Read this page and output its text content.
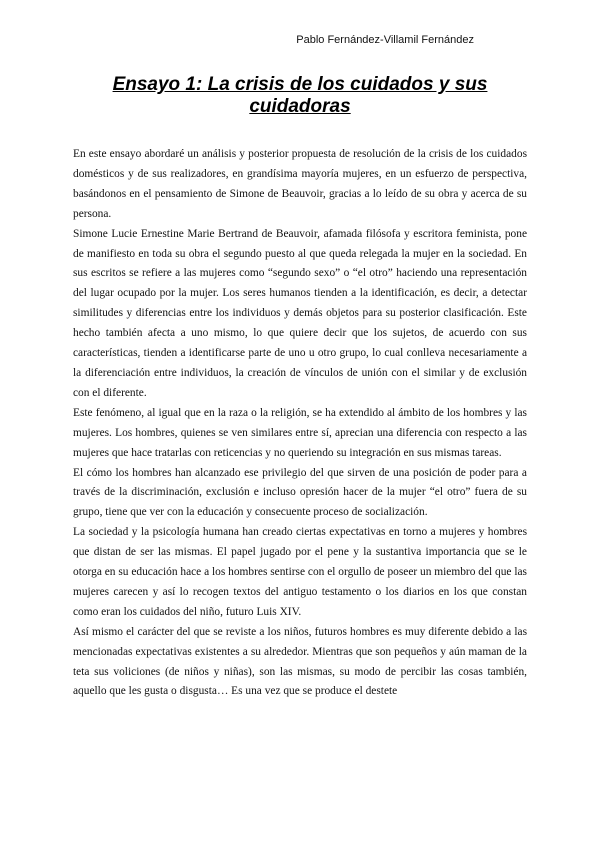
Pablo Fernández-Villamil Fernández
Ensayo 1: La crisis de los cuidados y sus cuidadoras

En este ensayo abordaré un análisis y posterior propuesta de resolución de la crisis de los cuidados domésticos y de sus realizadores, en grandísima mayoría mujeres, en un esfuerzo de perspectiva, basándonos en el pensamiento de Simone de Beauvoir, gracias a lo leído de su obra y acerca de su persona.

Simone Lucie Ernestine Marie Bertrand de Beauvoir, afamada filósofa y escritora feminista, pone de manifiesto en toda su obra el segundo puesto al que queda relegada la mujer en la sociedad. En sus escritos se refiere a las mujeres como “segundo sexo” o “el otro” haciendo una representación del lugar ocupado por la mujer. Los seres humanos tienden a la identificación, es decir, a detectar similitudes y diferencias entre los individuos y demás objetos para su posterior clasificación. Este hecho también afecta a uno mismo, lo que quiere decir que los sujetos, de acuerdo con sus características, tienden a identificarse parte de uno u otro grupo, lo cual conlleva necesariamente a la diferenciación entre individuos, la creación de vínculos de unión con el similar y de exclusión con el diferente.

Este fenómeno, al igual que en la raza o la religión, se ha extendido al ámbito de los hombres y las mujeres. Los hombres, quienes se ven similares entre sí, aprecian una diferencia con respecto a las mujeres que hace tratarlas con reticencias y no queriendo su integración en sus mismas tareas.

El cómo los hombres han alcanzado ese privilegio del que sirven de una posición de poder para a través de la discriminación, exclusión e incluso opresión hacer de la mujer “el otro” fuera de su grupo, tiene que ver con la educación y consecuente proceso de socialización.

La sociedad y la psicología humana han creado ciertas expectativas en torno a mujeres y hombres que distan de ser las mismas. El papel jugado por el pene y la sustantiva importancia que se le otorga en su educación hace a los hombres sentirse con el orgullo de poseer un miembro del que las mujeres carecen y así lo recogen textos del antiguo testamento o los diarios en los que constan como eran los cuidados del niño, futuro Luis XIV.

Así mismo el carácter del que se reviste a los niños, futuros hombres es muy diferente debido a las mencionadas expectativas existentes a su alrededor. Mientras que son pequeños y aún maman de la teta sus voliciones (de niños y niñas), son las mismas, su modo de percibir las cosas también, aquello que les gusta o disgusta… Es una vez que se produce el destete
